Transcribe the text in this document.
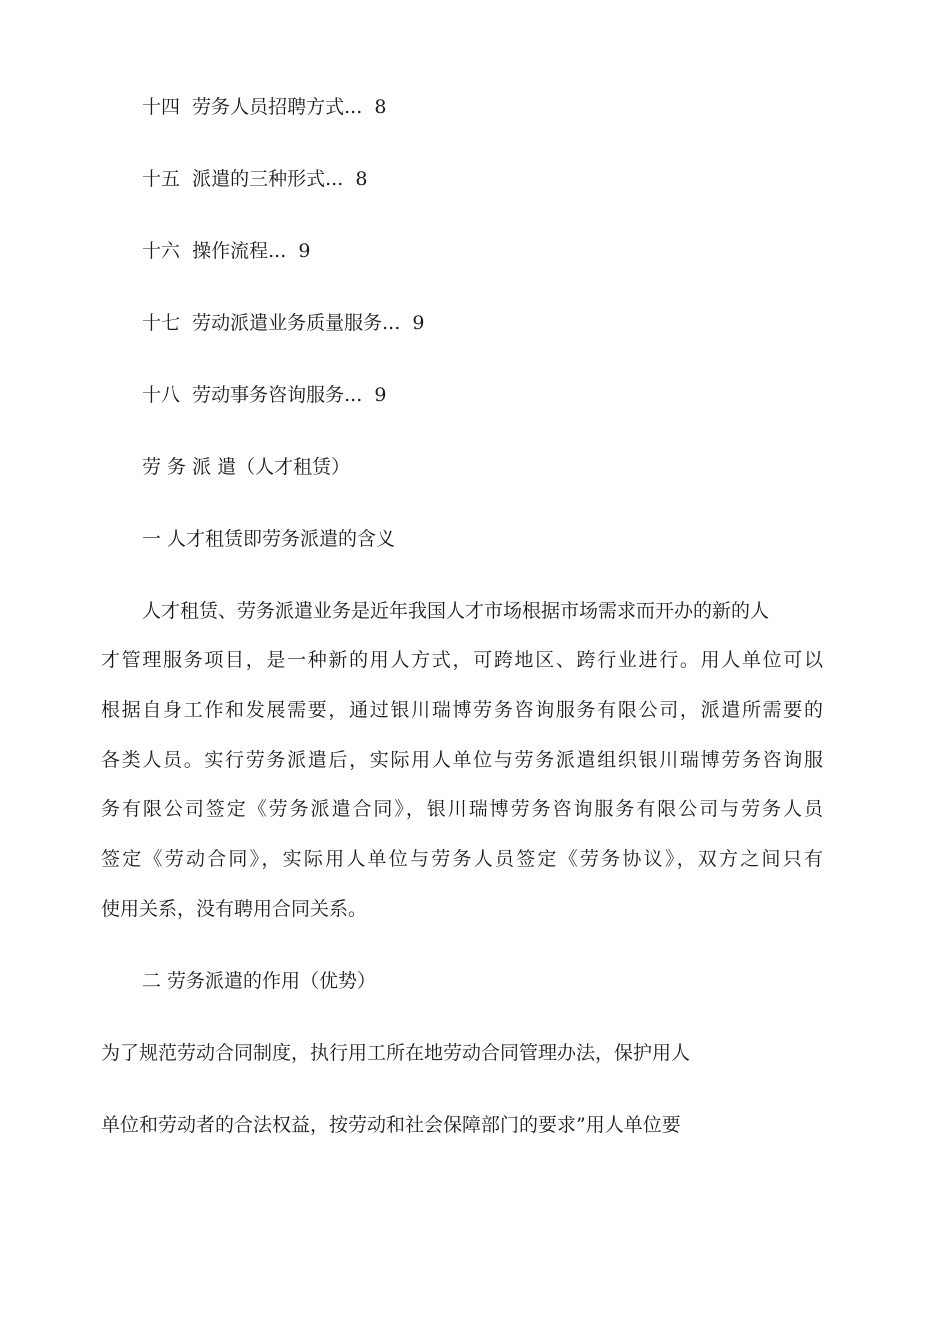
十四 劳务人员招聘方式... 8
十五 派遣的三种形式... 8
十六 操作流程... 9
十七 劳动派遣业务质量服务... 9
十八 劳动事务咨询服务... 9
劳 务 派 遣（人才租赁）
一 人才租赁即劳务派遣的含义
人才租赁、劳务派遣业务是近年我国人才市场根据市场需求而开办的新的人
才管理服务项目，是一种新的用人方式，可跨地区、跨行业进行。用人单位可以
根据自身工作和发展需要，通过银川瑞博劳务咨询服务有限公司，派遣所需要的
各类人员。实行劳务派遣后，实际用人单位与劳务派遣组织银川瑞博劳务咨询服
务有限公司签定《劳务派遣合同》，银川瑞博劳务咨询服务有限公司与劳务人员
签定《劳动合同》，实际用人单位与劳务人员签定《劳务协议》，双方之间只有
使用关系，没有聘用合同关系。
二 劳务派遣的作用（优势）
为了规范劳动合同制度，执行用工所在地劳动合同管理办法，保护用人
单位和劳动者的合法权益，按劳动和社会保障部门的要求”用人单位要
